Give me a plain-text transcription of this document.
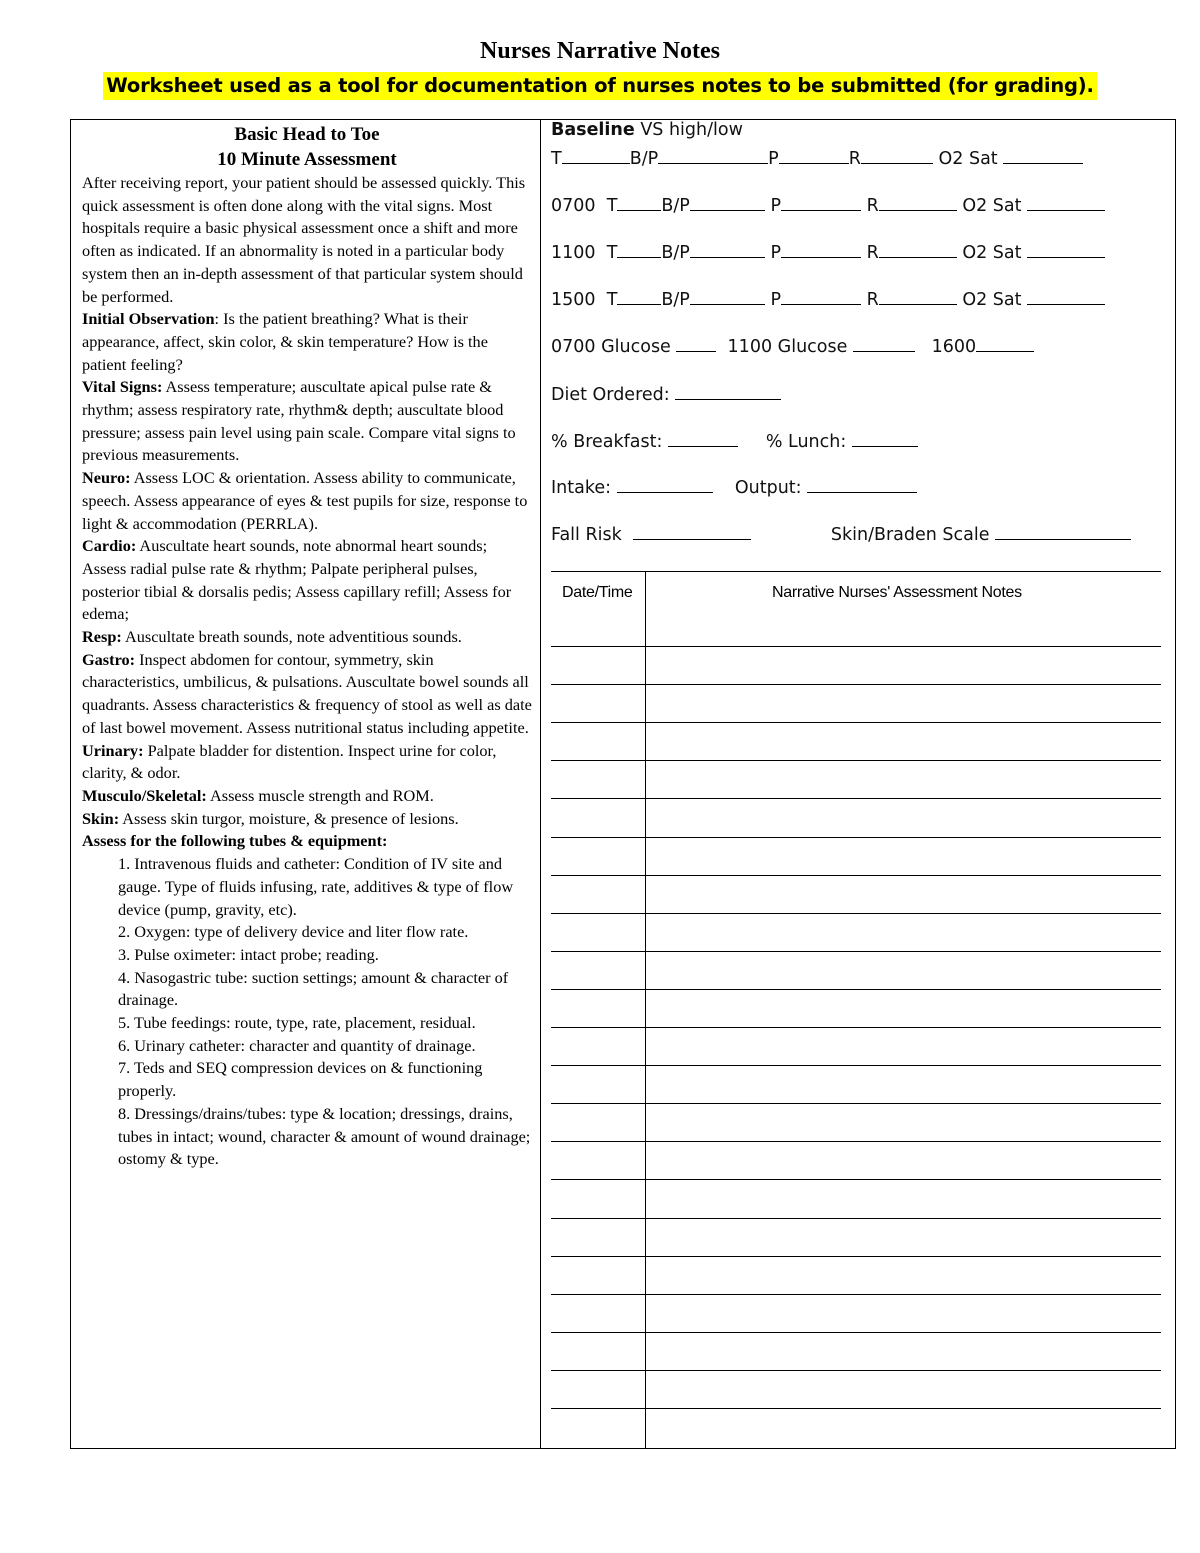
Nurses Narrative Notes
Worksheet used as a tool for documentation of nurses notes to be submitted (for grading).
Basic Head to Toe
10 Minute Assessment

After receiving report, your patient should be assessed quickly. This quick assessment is often done along with the vital signs. Most hospitals require a basic physical assessment once a shift and more often as indicated. If an abnormality is noted in a particular body system then an in-depth assessment of that particular system should be performed.

Initial Observation: Is the patient breathing? What is their appearance, affect, skin color, & skin temperature? How is the patient feeling?

Vital Signs: Assess temperature; auscultate apical pulse rate & rhythm; assess respiratory rate, rhythm& depth; auscultate blood pressure; assess pain level using pain scale. Compare vital signs to previous measurements.

Neuro: Assess LOC & orientation. Assess ability to communicate, speech. Assess appearance of eyes & test pupils for size, response to light & accommodation (PERRLA).

Cardio: Auscultate heart sounds, note abnormal heart sounds; Assess radial pulse rate & rhythm; Palpate peripheral pulses, posterior tibial & dorsalis pedis; Assess capillary refill; Assess for edema;

Resp: Auscultate breath sounds, note adventitious sounds.

Gastro: Inspect abdomen for contour, symmetry, skin characteristics, umbilicus, & pulsations. Auscultate bowel sounds all quadrants. Assess characteristics & frequency of stool as well as date of last bowel movement. Assess nutritional status including appetite.

Urinary: Palpate bladder for distention. Inspect urine for color, clarity, & odor.

Musculo/Skeletal: Assess muscle strength and ROM.

Skin: Assess skin turgor, moisture, & presence of lesions.

Assess for the following tubes & equipment:

1. Intravenous fluids and catheter: Condition of IV site and gauge. Type of fluids infusing, rate, additives & type of flow device (pump, gravity, etc).
2. Oxygen: type of delivery device and liter flow rate.
3. Pulse oximeter: intact probe; reading.
4. Nasogastric tube: suction settings; amount & character of drainage.
5. Tube feedings: route, type, rate, placement, residual.
6. Urinary catheter: character and quantity of drainage.
7. Teds and SEQ compression devices on & functioning properly.
8. Dressings/drains/tubes: type & location; dressings, drains, tubes in intact; wound, character & amount of wound drainage; ostomy & type.
Baseline VS high/low
T	B/P	P	R	O2 Sat
0700 T	B/P	P	R	O2 Sat
1100 T	B/P	P	R	O2 Sat
1500 T	B/P	P	R	O2 Sat
0700 Glucose	1100 Glucose	1600
Diet Ordered:
% Breakfast:	% Lunch:
Intake:	Output:
Fall Risk	Skin/Braden Scale
Date/Time	Narrative Nurses' Assessment Notes
